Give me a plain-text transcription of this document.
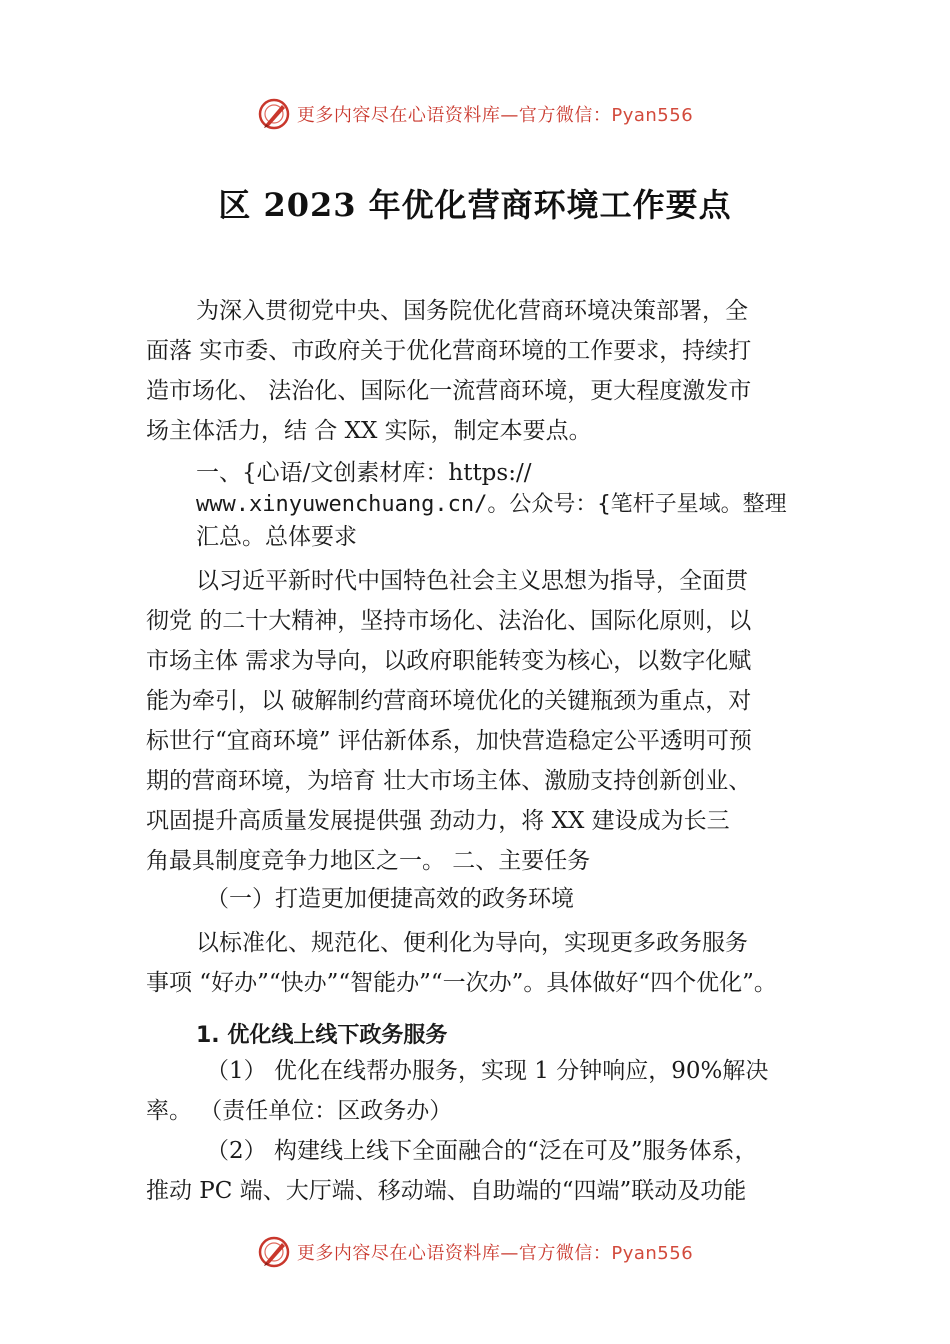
更多内容尽在心语资料库—官方微信：Pyan556
区 2023 年优化营商环境工作要点
为深入贯彻党中央、国务院优化营商环境决策部署，全
面落 实市委、市政府关于优化营商环境的工作要求，持续打
造市场化、 法治化、国际化一流营商环境，更大程度激发市
场主体活力，结 合 XX 实际，制定本要点。
一、{心语/文创素材库：https://
www.xinyuwenchuang.cn/。公众号：{笔杆子星域。整理
汇总。总体要求
以习近平新时代中国特色社会主义思想为指导，全面贯
彻党 的二十大精神，坚持市场化、法治化、国际化原则，以
市场主体 需求为导向，以政府职能转变为核心，以数字化赋
能为牵引，以 破解制约营商环境优化的关键瓶颈为重点，对
标世行“宜商环境” 评估新体系，加快营造稳定公平透明可预
期的营商环境，为培育 壮大市场主体、激励支持创新创业、
巩固提升高质量发展提供强 劲动力，将 XX 建设成为长三
角最具制度竞争力地区之一。 二、主要任务
（一）打造更加便捷高效的政务环境
以标准化、规范化、便利化为导向，实现更多政务服务
事项 “好办”“快办”“智能办”“一次办”。具体做好“四个优化”。
1. 优化线上线下政务服务
（1） 优化在线帮办服务，实现 1 分钟响应，90%解决
率。 （责任单位：区政务办）
（2） 构建线上线下全面融合的“泛在可及”服务体系，
推动 PC 端、大厅端、移动端、自助端的“四端”联动及功能
更多内容尽在心语资料库—官方微信：Pyan556
